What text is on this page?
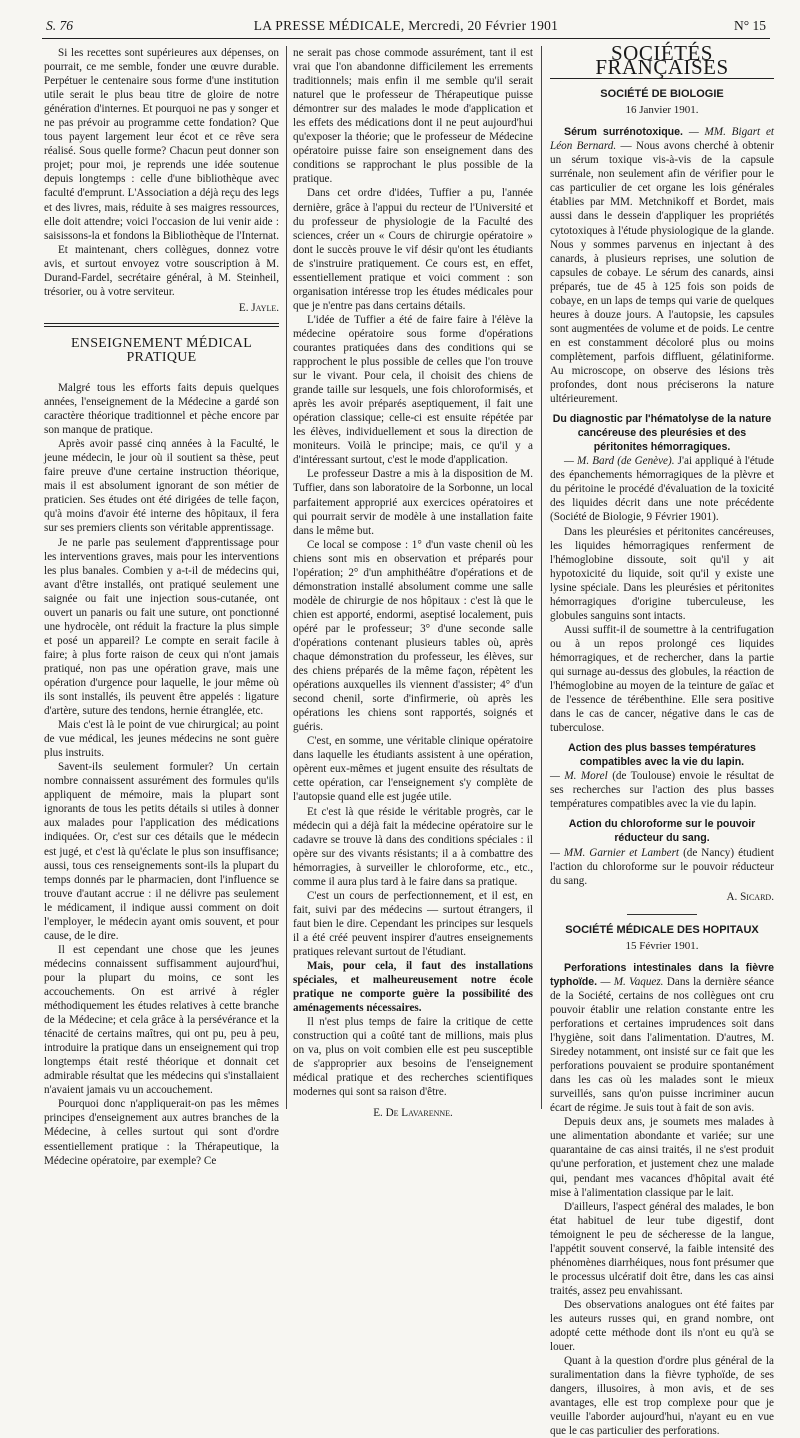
S. 76	LA PRESSE MÉDICALE, Mercredi, 20 Février 1901	N° 15

Si les recettes sont supérieures aux dépenses, on pourrait, ce me semble, fonder une œuvre durable. Perpétuer le centenaire sous forme d'une institution utile serait le plus beau titre de gloire de notre génération d'internes. Et pourquoi ne pas y songer et ne pas prévoir au programme cette fondation? Que tous payent largement leur écot et ce rêve sera réalisé. Sous quelle forme? Chacun peut donner son projet; pour moi, je reprends une idée soutenue depuis longtemps : celle d'une bibliothèque avec faculté d'emprunt. L'Association a déjà reçu des legs et des livres, mais, réduite à ses maigres ressources, elle doit attendre; voici l'occasion de lui venir aide : saisissons-la et fondons la Bibliothèque de l'Internat.

Et maintenant, chers collègues, donnez votre avis, et surtout envoyez votre souscription à M. Durand-Fardel, secrétaire général, à M. Steinheil, trésorier, ou à votre serviteur.

E. Jayle.

ENSEIGNEMENT MÉDICAL PRATIQUE

Malgré tous les efforts faits depuis quelques années, l'enseignement de la Médecine a gardé son caractère théorique traditionnel et pèche encore par son manque de pratique.

Après avoir passé cinq années à la Faculté, le jeune médecin, le jour où il soutient sa thèse, peut faire preuve d'une certaine instruction théorique, mais il est absolument ignorant de son métier de praticien. Ses études ont été dirigées de telle façon, qu'à moins d'avoir été interne des hôpitaux, il fera sur ses premiers clients son véritable apprentissage.

Je ne parle pas seulement d'apprentissage pour les interventions graves, mais pour les interventions les plus banales. Combien y a-t-il de médecins qui, avant d'être installés, ont pratiqué seulement une saignée ou fait une injection sous-cutanée, ont ouvert un panaris ou fait une suture, ont ponctionné une hydrocèle, ont réduit la fracture la plus simple et posé un appareil? Le compte en serait facile à faire; à plus forte raison de ceux qui n'ont jamais pratiqué, non pas une opération grave, mais une opération d'urgence pour laquelle, le jour même où ils sont installés, ils peuvent être appelés : ligature d'artère, suture des tendons, hernie étranglée, etc.

Mais c'est là le point de vue chirurgical; au point de vue médical, les jeunes médecins ne sont guère plus instruits.

Savent-ils seulement formuler? Un certain nombre connaissent assurément des formules qu'ils appliquent de mémoire, mais la plupart sont ignorants de tous les petits détails si utiles à donner aux malades pour l'application des médications indiquées. Or, c'est sur ces détails que le médecin est jugé, et c'est là qu'éclate le plus son insuffisance; aussi, tous ces renseignements sont-ils la plupart du temps donnés par le pharmacien, dont l'influence se trouve d'autant accrue : il ne délivre pas seulement le médicament, il indique aussi comment on doit l'employer, le médecin ayant omis souvent, et pour cause, de le dire.

Il est cependant une chose que les jeunes médecins connaissent suffisamment aujourd'hui, pour la plupart du moins, ce sont les accouchements. On est arrivé à régler méthodiquement les études relatives à cette branche de la Médecine; et cela grâce à la persévérance et la ténacité de certains maîtres, qui ont pu, peu à peu, introduire la pratique dans un enseignement qui trop longtemps était resté théorique et donnait cet admirable résultat que les médecins qui s'installaient n'avaient jamais vu un accouchement.

Pourquoi donc n'appliquerait-on pas les mêmes principes d'enseignement aux autres branches de la Médecine, à celles surtout qui sont d'ordre essentiellement pratique : la Thérapeutique, la Médecine opératoire, par exemple? Ce

ne serait pas chose commode assurément, tant il est vrai que l'on abandonne difficilement les errements traditionnels; mais enfin il me semble qu'il serait naturel que le professeur de Thérapeutique puisse démontrer sur des malades le mode d'application et les effets des médications dont il ne peut aujourd'hui qu'exposer la théorie; que le professeur de Médecine opératoire puisse faire son enseignement dans des conditions se rapprochant le plus possible de la pratique.

Dans cet ordre d'idées, Tuffier a pu, l'année dernière, grâce à l'appui du recteur de l'Université et du professeur de physiologie de la Faculté des sciences, créer un « Cours de chirurgie opératoire » dont le succès prouve le vif désir qu'ont les étudiants de s'instruire pratiquement. Ce cours est, en effet, essentiellement pratique et voici comment : son organisation intéresse trop les études médicales pour que je n'entre pas dans certains détails.

L'idée de Tuffier a été de faire faire à l'élève la médecine opératoire sous forme d'opérations courantes pratiquées dans des conditions qui se rapprochent le plus possible de celles que l'on trouve sur le vivant. Pour cela, il choisit des chiens de grande taille sur lesquels, une fois chloroformisés, et après les avoir préparés aseptiquement, il fait une opération classique; celle-ci est ensuite répétée par les élèves, individuellement et sous la direction de moniteurs. Voilà le principe; mais, ce qu'il y a d'intéressant surtout, c'est le mode d'application.

Le professeur Dastre a mis à la disposition de M. Tuffier, dans son laboratoire de la Sorbonne, un local parfaitement approprié aux exercices opératoires et qui pourrait servir de modèle à une installation faite dans le même but.

Ce local se compose : 1° d'un vaste chenil où les chiens sont mis en observation et préparés pour l'opération; 2° d'un amphithéâtre d'opérations et de démonstration installé absolument comme une salle modèle de chirurgie de nos hôpitaux : c'est là que le chien est apporté, endormi, aseptisé localement, puis opéré par le professeur; 3° d'une seconde salle d'opérations contenant plusieurs tables où, après chaque démonstration du professeur, les élèves, sur des chiens préparés de la même façon, répètent les opérations auxquelles ils viennent d'assister; 4° d'un second chenil, sorte d'infirmerie, où après les opérations les chiens sont rapportés, soignés et guéris.

C'est, en somme, une véritable clinique opératoire dans laquelle les étudiants assistent à une opération, opèrent eux-mêmes et jugent ensuite des résultats de cette opération, car l'enseignement s'y complète de l'autopsie quand elle est jugée utile.

Et c'est là que réside le véritable progrès, car le médecin qui a déjà fait la médecine opératoire sur le cadavre se trouve là dans des conditions spéciales : il opère sur des vivants résistants; il a à combattre des hémorragies, à surveiller le chloroforme, etc., etc., comme il aura plus tard à le faire dans sa pratique.

C'est un cours de perfectionnement, et il est, en fait, suivi par des médecins — surtout étrangers, il faut bien le dire. Cependant les principes sur lesquels il a été créé peuvent inspirer d'autres enseignements pratiques relevant surtout de l'étudiant.

Mais, pour cela, il faut des installations spéciales, et malheureusement notre école pratique ne comporte guère la possibilité des aménagements nécessaires.

Il n'est plus temps de faire la critique de cette construction qui a coûté tant de millions, mais plus on va, plus on voit combien elle est peu susceptible de s'approprier aux besoins de l'enseignement médical pratique et des recherches scientifiques modernes qui sont sa raison d'être.

E. De Lavarenne.

SOCIÉTÉS FRANÇAISES

SOCIÉTÉ DE BIOLOGIE

16 Janvier 1901.

Sérum surrénotoxique. — MM. Bigart et Léon Bernard. — Nous avons cherché à obtenir un sérum toxique vis-à-vis de la capsule surrénale, non seulement afin de vérifier pour le cas particulier de cet organe les lois générales établies par MM. Metchnikoff et Bordet, mais aussi dans le dessein d'appliquer les propriétés cytotoxiques à l'étude physiologique de la glande. Nous y sommes parvenus en injectant à des canards, à plusieurs reprises, une solution de capsules de cobaye. Le sérum des canards, ainsi préparés, tue de 45 à 125 fois son poids de cobaye, en un laps de temps qui varie de quelques heures à douze jours. A l'autopsie, les capsules sont augmentées de volume et de poids. Le centre en est constamment décoloré plus ou moins complètement, parfois diffluent, gélatiniforme. Au microscope, on observe des lésions très profondes, dont nous préciserons la nature ultérieurement.

Du diagnostic par l'hématolyse de la nature cancéreuse des pleurésies et des péritonites hémorragiques.

— M. Bard (de Genève). J'ai appliqué à l'étude des épanchements hémorragiques de la plèvre et du péritoine le procédé d'évaluation de la toxicité des liquides décrit dans une note précédente (Société de Biologie, 9 Février 1901).

Dans les pleurésies et péritonites cancéreuses, les liquides hémorragiques renferment de l'hémoglobine dissoute, soit qu'il y ait hypotoxicité du liquide, soit qu'il y existe une lysine spéciale. Dans les pleurésies et péritonites hémorragiques d'origine tuberculeuse, les globules sanguins sont intacts.

Aussi suffit-il de soumettre à la centrifugation ou à un repos prolongé ces liquides hémorragiques, et de rechercher, dans la partie qui surnage au-dessus des globules, la réaction de l'hémoglobine au moyen de la teinture de gaïac et de l'essence de térébenthine. Elle sera positive dans le cas de cancer, négative dans le cas de tuberculose.

Action des plus basses températures compatibles avec la vie du lapin.

— M. Morel (de Toulouse) envoie le résultat de ses recherches sur l'action des plus basses températures compatibles avec la vie du lapin.

Action du chloroforme sur le pouvoir réducteur du sang.

— MM. Garnier et Lambert (de Nancy) étudient l'action du chloroforme sur le pouvoir réducteur du sang.

A. Sicard.

SOCIÉTÉ MÉDICALE DES HOPITAUX

15 Février 1901.

Perforations intestinales dans la fièvre typhoïde. — M. Vaquez. Dans la dernière séance de la Société, certains de nos collègues ont cru pouvoir établir une relation constante entre les perforations et certaines imprudences soit dans l'hygiène, soit dans l'alimentation. D'autres, M. Siredey notamment, ont insisté sur ce fait que les perforations pouvaient se produire spontanément dans les cas où les malades sont le mieux surveillés, sans qu'on puisse incriminer aucun écart de régime. Je suis tout à fait de son avis.

Depuis deux ans, je soumets mes malades à une alimentation abondante et variée; sur une quarantaine de cas ainsi traités, il ne s'est produit qu'une perforation, et justement chez une malade qui, pendant mes vacances d'hôpital avait été mise à l'alimentation classique par le lait.

D'ailleurs, l'aspect général des malades, le bon état habituel de leur tube digestif, dont témoignent le peu de sécheresse de la langue, l'appétit souvent conservé, la faible intensité des phénomènes diarrhéiques, nous font présumer que le processus ulcératif doit être, dans les cas ainsi traités, assez peu envahissant.

Des observations analogues ont été faites par les auteurs russes qui, en grand nombre, ont adopté cette méthode dont ils n'ont eu qu'à se louer.

Quant à la question d'ordre plus général de la suralimentation dans la fièvre typhoïde, de ses dangers, illusoires, à mon avis, et de ses avantages, elle est trop complexe pour que je veuille l'aborder aujourd'hui, n'ayant eu en vue que le cas particulier des perforations.
